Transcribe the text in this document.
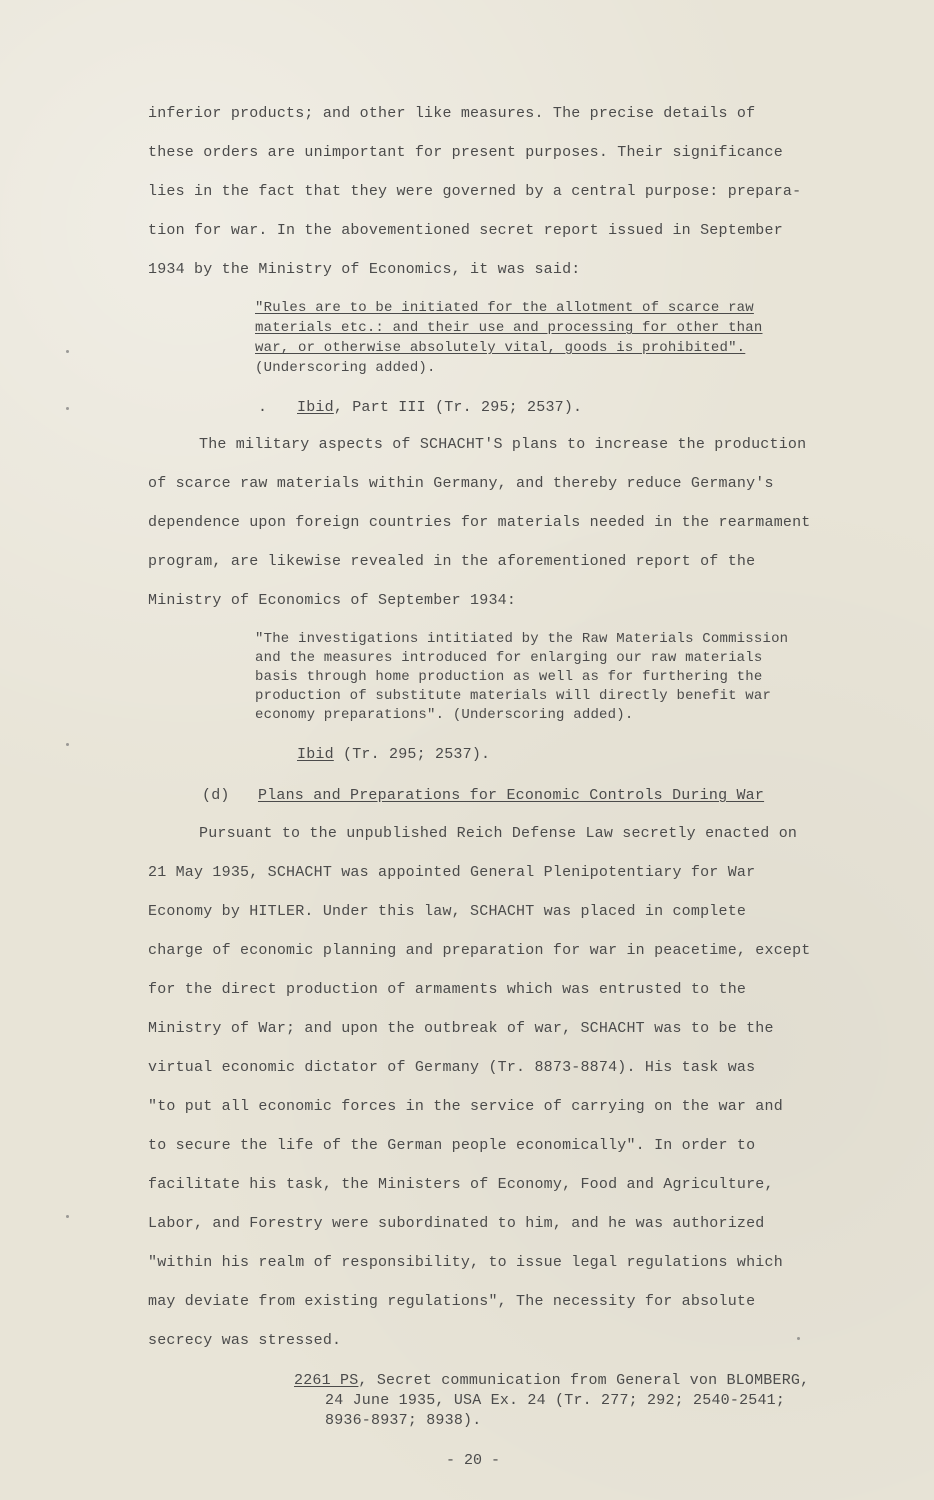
inferior products; and other like measures. The precise details of
these orders are unimportant for present purposes. Their significance
lies in the fact that they were governed by a central purpose: prepara-
tion for war. In the abovementioned secret report issued in September
1934 by the Ministry of Economics, it was said:
"Rules are to be initiated for the allotment of scarce raw
materials etc.: and their use and processing for other than
war, or otherwise absolutely vital, goods is prohibited".
(Underscoring added).
. Ibid, Part III (Tr. 295; 2537).
The military aspects of SCHACHT'S plans to increase the production
of scarce raw materials within Germany, and thereby reduce Germany's
dependence upon foreign countries for materials needed in the rearmament
program, are likewise revealed in the aforementioned report of the
Ministry of Economics of September 1934:
"The investigations intitiated by the Raw Materials Commission
and the measures introduced for enlarging our raw materials
basis through home production as well as for furthering the
production of substitute materials will directly benefit war
economy preparations". (Underscoring added).
Ibid (Tr. 295; 2537).
(d) Plans and Preparations for Economic Controls During War
Pursuant to the unpublished Reich Defense Law secretly enacted on
21 May 1935, SCHACHT was appointed General Plenipotentiary for War
Economy by HITLER. Under this law, SCHACHT was placed in complete
charge of economic planning and preparation for war in peacetime, except
for the direct production of armaments which was entrusted to the
Ministry of War; and upon the outbreak of war, SCHACHT was to be the
virtual economic dictator of Germany (Tr. 8873-8874). His task was
"to put all economic forces in the service of carrying on the war and
to secure the life of the German people economically". In order to
facilitate his task, the Ministers of Economy, Food and Agriculture,
Labor, and Forestry were subordinated to him, and he was authorized
"within his realm of responsibility, to issue legal regulations which
may deviate from existing regulations", The necessity for absolute
secrecy was stressed.
2261 PS, Secret communication from General von BLOMBERG,
24 June 1935, USA Ex. 24 (Tr. 277; 292; 2540-2541;
8936-8937; 8938).
- 20 -
